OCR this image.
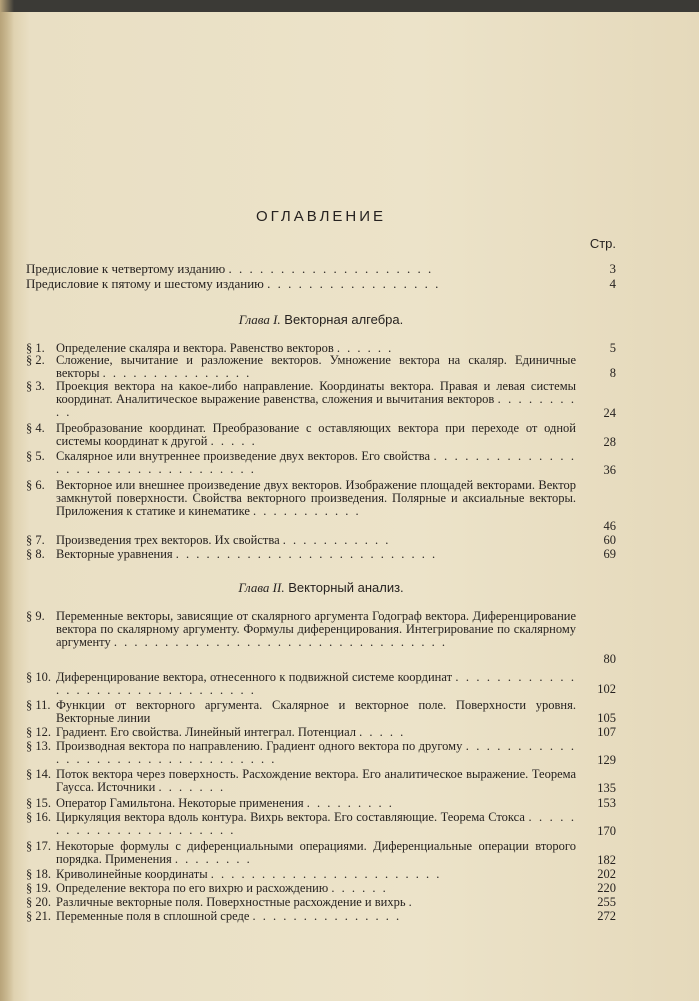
ОГЛАВЛЕНИЕ
Стр.
Предисловие к четвертому изданию . . . . . . . . . . . . . . . . . . . .	3
Предисловие к пятому и шестому изданию . . . . . . . . . . . . . . . . .	4
Глава I. Векторная алгебра.
§ 1. Определение скаляра и вектора. Равенство векторов . . . . . .	5
§ 2. Сложение, вычитание и разложение векторов. Умножение вектора на скаляр. Единичные векторы . . . . . . . . . . . . . . .	8
§ 3. Проекция вектора на какое-либо направление. Координаты вектора. Правая и левая системы координат. Аналитическое выражение равенства, сложения и вычитания векторов . . . . . . . . . .	24
§ 4. Преобразование координат. Преобразование с оставляющих вектора при переходе от одной системы координат к другой . . . . .	28
§ 5. Скалярное или внутреннее произведение двух векторов. Его свойства . . . . . . . . . . . . . . . . . . . . . . . . . . . . . . . . . .	36
§ 6. Векторное или внешнее произведение двух векторов. Изображение площадей векторами. Вектор замкнутой поверхности. Свойства векторного произведения. Полярные и аксиальные векторы. Приложения к статике и кинематике . . . . . . . . . . .
46
§ 7. Произведения трех векторов. Их свойства . . . . . . . . . . .	60
§ 8. Векторные уравнения . . . . . . . . . . . . . . . . . . . . . . . . . .	69
Глава II. Векторный анализ.
§ 9. Переменные векторы, зависящие от скалярного аргумента Годограф вектора. Диференцирование вектора по скалярному аргументу. Формулы диференцирования. Интегрирование по скалярному аргументу . . . . . . . . . . . . . . . . . . . . . . . . . . . . . . . . .
80
§ 10. Диференцирование вектора, отнесенного к подвижной системе координат . . . . . . . . . . . . . . . . . . . . . . . . . . . . . . . .	102
§ 11. Функции от векторного аргумента. Скалярное и векторное поле. Поверхности уровня. Векторные линии	105
§ 12. Градиент. Его свойства. Линейный интеграл. Потенциал . . . . .	107
§ 13. Производная вектора по направлению. Градиент одного вектора по другому . . . . . . . . . . . . . . . . . . . . . . . . . . . . . . . . .	129
§ 14. Поток вектора через поверхность. Расхождение вектора. Его аналитическое выражение. Теорема Гаусса. Источники . . . . . . .	135
§ 15. Оператор Гамильтона. Некоторые применения . . . . . . . . .	153
§ 16. Циркуляция вектора вдоль контура. Вихрь вектора. Его составляющие. Теорема Стокса . . . . . . . . . . . . . . . . . . . . . . .	170
§ 17. Некоторые формулы с диференциальными операциями. Диференциальные операции второго порядка. Применения . . . . . . . .	182
§ 18. Криволинейные координаты . . . . . . . . . . . . . . . . . . . . . . .	202
§ 19. Определение вектора по его вихрю и расхождению . . . . . .	220
§ 20. Различные векторные поля. Поверхностные расхождение и вихрь .	255
§ 21. Переменные поля в сплошной среде . . . . . . . . . . . . . . .	272
